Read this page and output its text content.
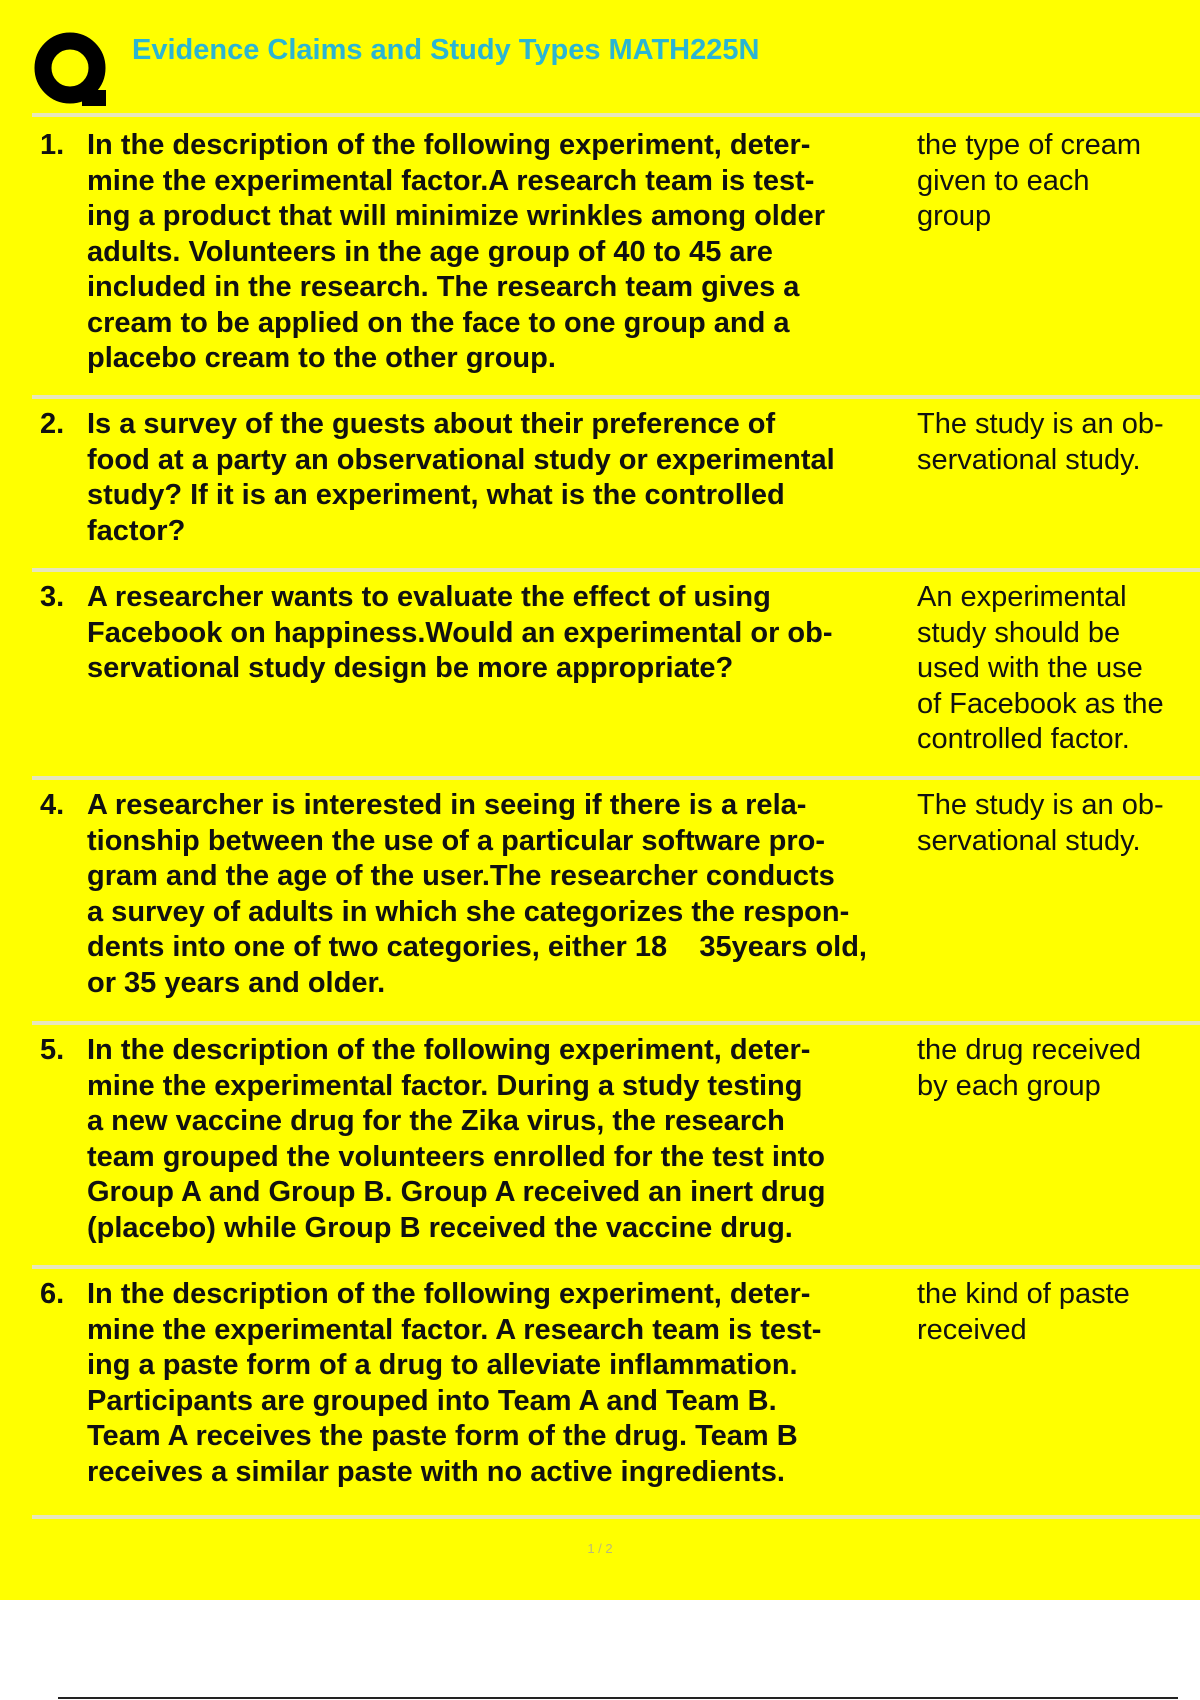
Evidence Claims and Study Types MATH225N
1. In the description of the following experiment, deter-
mine the experimental factor.A research team is test-
ing a product that will minimize wrinkles among older
adults. Volunteers in the age group of 40 to 45 are
included in the research. The research team gives a
cream to be applied on the face to one group and a
placebo cream to the other group.
the type of cream
given to each
group
2. Is a survey of the guests about their preference of
food at a party an observational study or experimental
study? If it is an experiment, what is the controlled
factor?
The study is an ob-
servational study.
3. A researcher wants to evaluate the effect of using
Facebook on happiness.Would an experimental or ob-
servational study design be more appropriate?
An experimental
study should be
used with the use
of Facebook as the
controlled factor.
4. A researcher is interested in seeing if there is a rela-
tionship between the use of a particular software pro-
gram and the age of the user.The researcher conducts
a survey of adults in which she categorizes the respon-
dents into one of two categories, either 18    35years old,
or 35 years and older.
The study is an ob-
servational study.
5. In the description of the following experiment, deter-
mine the experimental factor. During a study testing
a new vaccine drug for the Zika virus, the research
team grouped the volunteers enrolled for the test into
Group A and Group B. Group A received an inert drug
(placebo) while Group B received the vaccine drug.
the drug received
by each group
6. In the description of the following experiment, deter-
mine the experimental factor. A research team is test-
ing a paste form of a drug to alleviate inflammation.
Participants are grouped into Team A and Team B.
Team A receives the paste form of the drug. Team B
receives a similar paste with no active ingredients.
the kind of paste
received
1 / 2
